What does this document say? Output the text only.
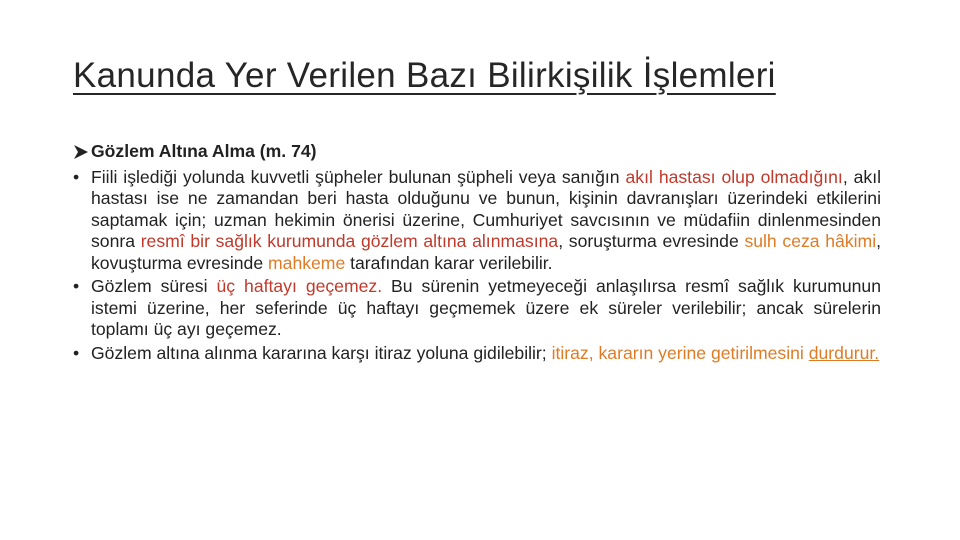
Kanunda Yer Verilen Bazı Bilirkişilik İşlemleri
Gözlem Altına Alma (m. 74)
• Fiili işlediği yolunda kuvvetli şüpheler bulunan şüpheli veya sanığın akıl hastası olup olmadığını, akıl hastası ise ne zamandan beri hasta olduğunu ve bunun, kişinin davranışları üzerindeki etkilerini saptamak için; uzman hekimin önerisi üzerine, Cumhuriyet savcısının ve müdafiin dinlenmesinden sonra resmî bir sağlık kurumunda gözlem altına alınmasına, soruşturma evresinde sulh ceza hâkimi, kovuşturma evresinde mahkeme tarafından karar verilebilir.
• Gözlem süresi üç haftayı geçemez. Bu sürenin yetmeyeceği anlaşılırsa resmî sağlık kurumunun istemi üzerine, her seferinde üç haftayı geçmemek üzere ek süreler verilebilir; ancak sürelerin toplamı üç ayı geçemez.
• Gözlem altına alınma kararına karşı itiraz yoluna gidilebilir; itiraz, kararın yerine getirilmesini durdurur.
